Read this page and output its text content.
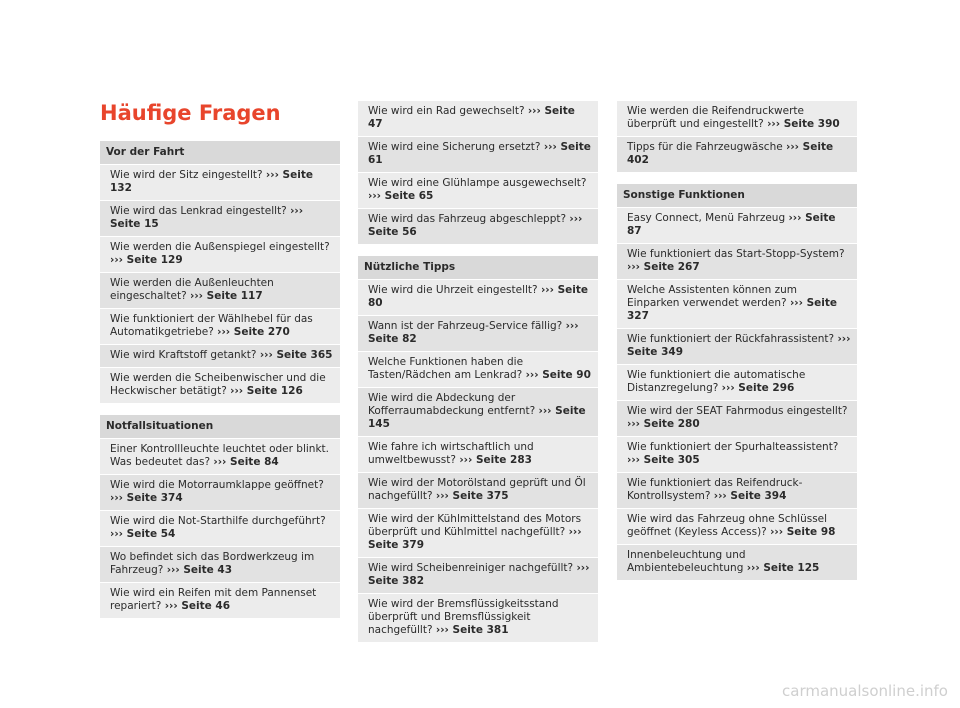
Häufige Fragen
Vor der Fahrt
Wie wird der Sitz eingestellt? ››› Seite 132
Wie wird das Lenkrad eingestellt? ››› Seite 15
Wie werden die Außenspiegel eingestellt? ››› Seite 129
Wie werden die Außenleuchten eingeschaltet? ››› Seite 117
Wie funktioniert der Wählhebel für das Automatikgetriebe? ››› Seite 270
Wie wird Kraftstoff getankt? ››› Seite 365
Wie werden die Scheibenwischer und die Heckwischer betätigt? ››› Seite 126
Notfallsituationen
Einer Kontrollleuchte leuchtet oder blinkt. Was bedeutet das? ››› Seite 84
Wie wird die Motorraumklappe geöffnet? ››› Seite 374
Wie wird die Not-Starthilfe durchgeführt? ››› Seite 54
Wo befindet sich das Bordwerkzeug im Fahrzeug? ››› Seite 43
Wie wird ein Reifen mit dem Pannenset repariert? ››› Seite 46
Wie wird ein Rad gewechselt? ››› Seite 47
Wie wird eine Sicherung ersetzt? ››› Seite 61
Wie wird eine Glühlampe ausgewechselt? ››› Seite 65
Wie wird das Fahrzeug abgeschleppt? ››› Seite 56
Nützliche Tipps
Wie wird die Uhrzeit eingestellt? ››› Seite 80
Wann ist der Fahrzeug-Service fällig? ››› Seite 82
Welche Funktionen haben die Tasten/Rädchen am Lenkrad? ››› Seite 90
Wie wird die Abdeckung der Kofferraumabdeckung entfernt? ››› Seite 145
Wie fahre ich wirtschaftlich und umweltbewusst? ››› Seite 283
Wie wird der Motorölstand geprüft und Öl nachgefüllt? ››› Seite 375
Wie wird der Kühlmittelstand des Motors überprüft und Kühlmittel nachgefüllt? ››› Seite 379
Wie wird Scheibenreiniger nachgefüllt? ››› Seite 382
Wie wird der Bremsflüssigkeitsstand überprüft und Bremsflüssigkeit nachgefüllt? ››› Seite 381
Wie werden die Reifendruckwerte überprüft und eingestellt? ››› Seite 390
Tipps für die Fahrzeugwäsche ››› Seite 402
Sonstige Funktionen
Easy Connect, Menü Fahrzeug ››› Seite 87
Wie funktioniert das Start-Stopp-System? ››› Seite 267
Welche Assistenten können zum Einparken verwendet werden? ››› Seite 327
Wie funktioniert der Rückfahrassistent? ››› Seite 349
Wie funktioniert die automatische Distanzregelung? ››› Seite 296
Wie wird der SEAT Fahrmodus eingestellt? ››› Seite 280
Wie funktioniert der Spurhalteassistent? ››› Seite 305
Wie funktioniert das Reifendruck-Kontrollsystem? ››› Seite 394
Wie wird das Fahrzeug ohne Schlüssel geöffnet (Keyless Access)? ››› Seite 98
Innenbeleuchtung und Ambientebeleuchtung ››› Seite 125
carmanualsonline.info
